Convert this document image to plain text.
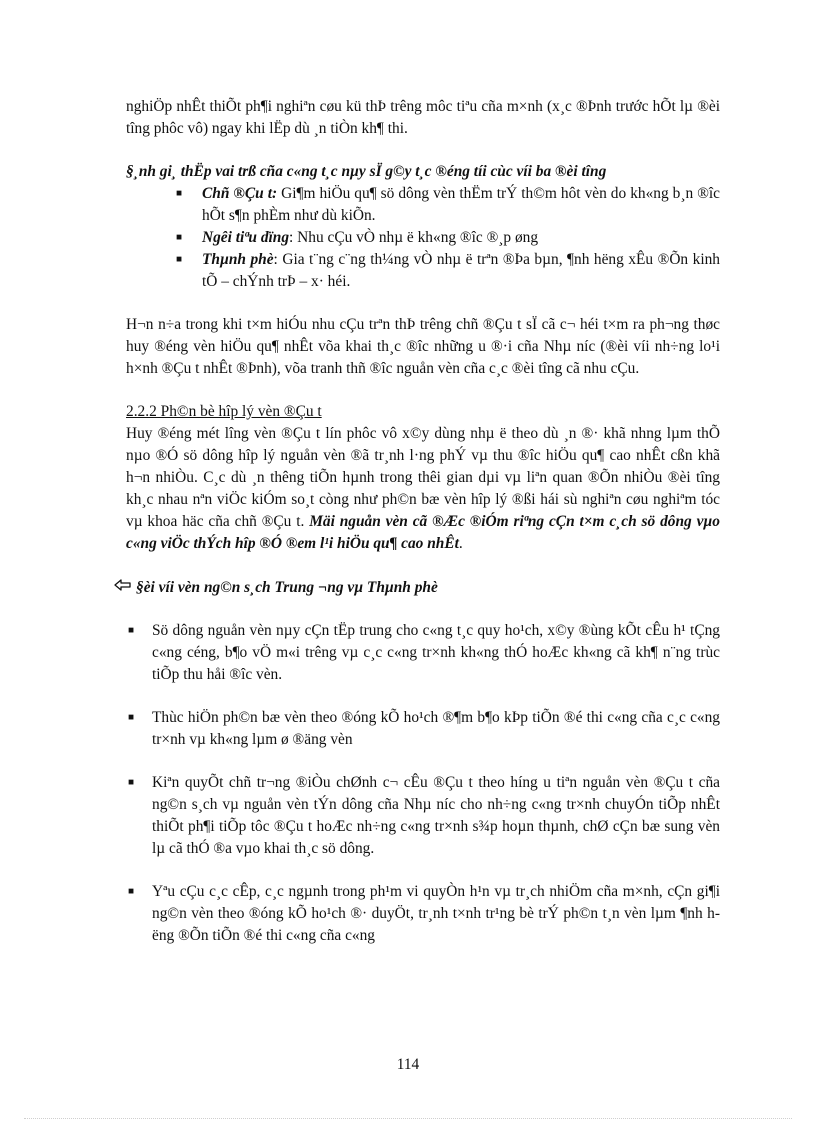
nghiÖp nhÊt thiÕt ph¶i nghiªn cøu kü thÞ trêng môc tiªu cña m×nh (x¸c ®Þnh trước hÕt lµ ®èi tîng phôc vô) ngay khi lËp dù ¸n tiÒn kh¶ thi.

§¸nh gi¸ thËp vai trß cña c«ng t¸c nµy sÏ g©y t¸c ®éng tíi cùc víi ba ®èi tîng

■ Chñ ®Çu t: Gi¶m hiÖu qu¶ sö dông vèn thËm trÝ th©m hôt vèn do kh«ng b¸n ®îc hÕt s¶n phÈm như dù kiÕn.
■ Ngêi tiªu dïng: Nhu cÇu vÒ nhµ ë kh«ng ®îc ®¸p øng
■ Thµnh phè: Gia t¨ng c¨ng th¼ng vÒ nhµ ë trªn ®Þa bµn, ¶nh hëng xÊu ®Õn kinh tÕ – chÝnh trÞ – x· héi.

H¬n n÷a trong khi t×m hiÓu nhu cÇu trªn thÞ trêng chñ ®Çu t sÏ cã c¬ héi t×m ra ph¬ng thøc huy ®éng vèn hiÖu qu¶ nhÊt võa khai th¸c ®îc những u ®·i cña Nhµ níc (®èi víi nh÷ng lo¹i h×nh ®Çu t nhÊt ®Þnh), võa tranh thñ ®îc nguån vèn cña c¸c ®èi tîng cã nhu cÇu.

2.2.2 Ph©n bè hîp lý vèn ®Çu t

Huy ®éng mét lîng vèn ®Çu t lín phôc vô x©y dùng nhµ ë theo dù ¸n ®· khã nhng lµm thÕ nµo ®Ó sö dông hîp lý nguån vèn ®ã tr¸nh l·ng phÝ vµ thu ®îc hiÖu qu¶ cao nhÊt cßn khã h¬n nhiÒu. C¸c dù ¸n thêng tiÕn hµnh trong thêi gian dµi vµ liªn quan ®Õn nhiÒu ®èi tîng kh¸c nhau nªn viÖc kiÓm so¸t còng như ph©n bæ vèn hîp lý ®ßi hái sù nghiªn cøu nghiªm tóc vµ khoa häc cña chñ ®Çu t. Mäi nguån vèn cã ®Æc ®iÓm riªng cÇn t×m c¸ch sö dông vµo c«ng viÖc thÝch hîp ®Ó ®em l¹i hiÖu qu¶ cao nhÊt.

§èi víi vèn ng©n s¸ch Trung ¬ng vµ Thµnh phè

■ Sö dông nguån vèn nµy cÇn tËp trung cho c«ng t¸c quy ho¹ch, x©y ®ùng kÕt cÊu h¹ tÇng c«ng céng, b¶o vÖ m«i trêng vµ c¸c c«ng tr×nh kh«ng thÓ hoÆc kh«ng cã kh¶ n¨ng trùc tiÕp thu håi ®îc vèn.
■ Thùc hiÖn ph©n bæ vèn theo ®óng kÕ ho¹ch ®¶m b¶o kÞp tiÕn ®é thi c«ng cña c¸c c«ng tr×nh vµ kh«ng lµm ø ®äng vèn
■ Kiªn quyÕt chñ tr¬ng ®iÒu chØnh c¬ cÊu ®Çu t theo híng u tiªn nguån vèn ®Çu t cña ng©n s¸ch vµ nguån vèn tÝn dông cña Nhµ níc cho nh÷ng c«ng tr×nh chuyÓn tiÕp nhÊt thiÕt ph¶i tiÕp tôc ®Çu t hoÆc nh÷ng c«ng tr×nh s¾p hoµn thµnh, chØ cÇn bæ sung vèn lµ cã thÓ ®a vµo khai th¸c sö dông.
■ Yªu cÇu c¸c cÊp, c¸c ngµnh trong ph¹m vi quyÒn h¹n vµ tr¸ch nhiÖm cña m×nh, cÇn gi¶i ng©n vèn theo ®óng kÕ ho¹ch ®· duyÖt, tr¸nh t×nh tr¹ng bè trÝ ph©n t¸n vèn lµm ¶nh hëng ®Õn tiÕn ®é thi c«ng cña c«ng
114
